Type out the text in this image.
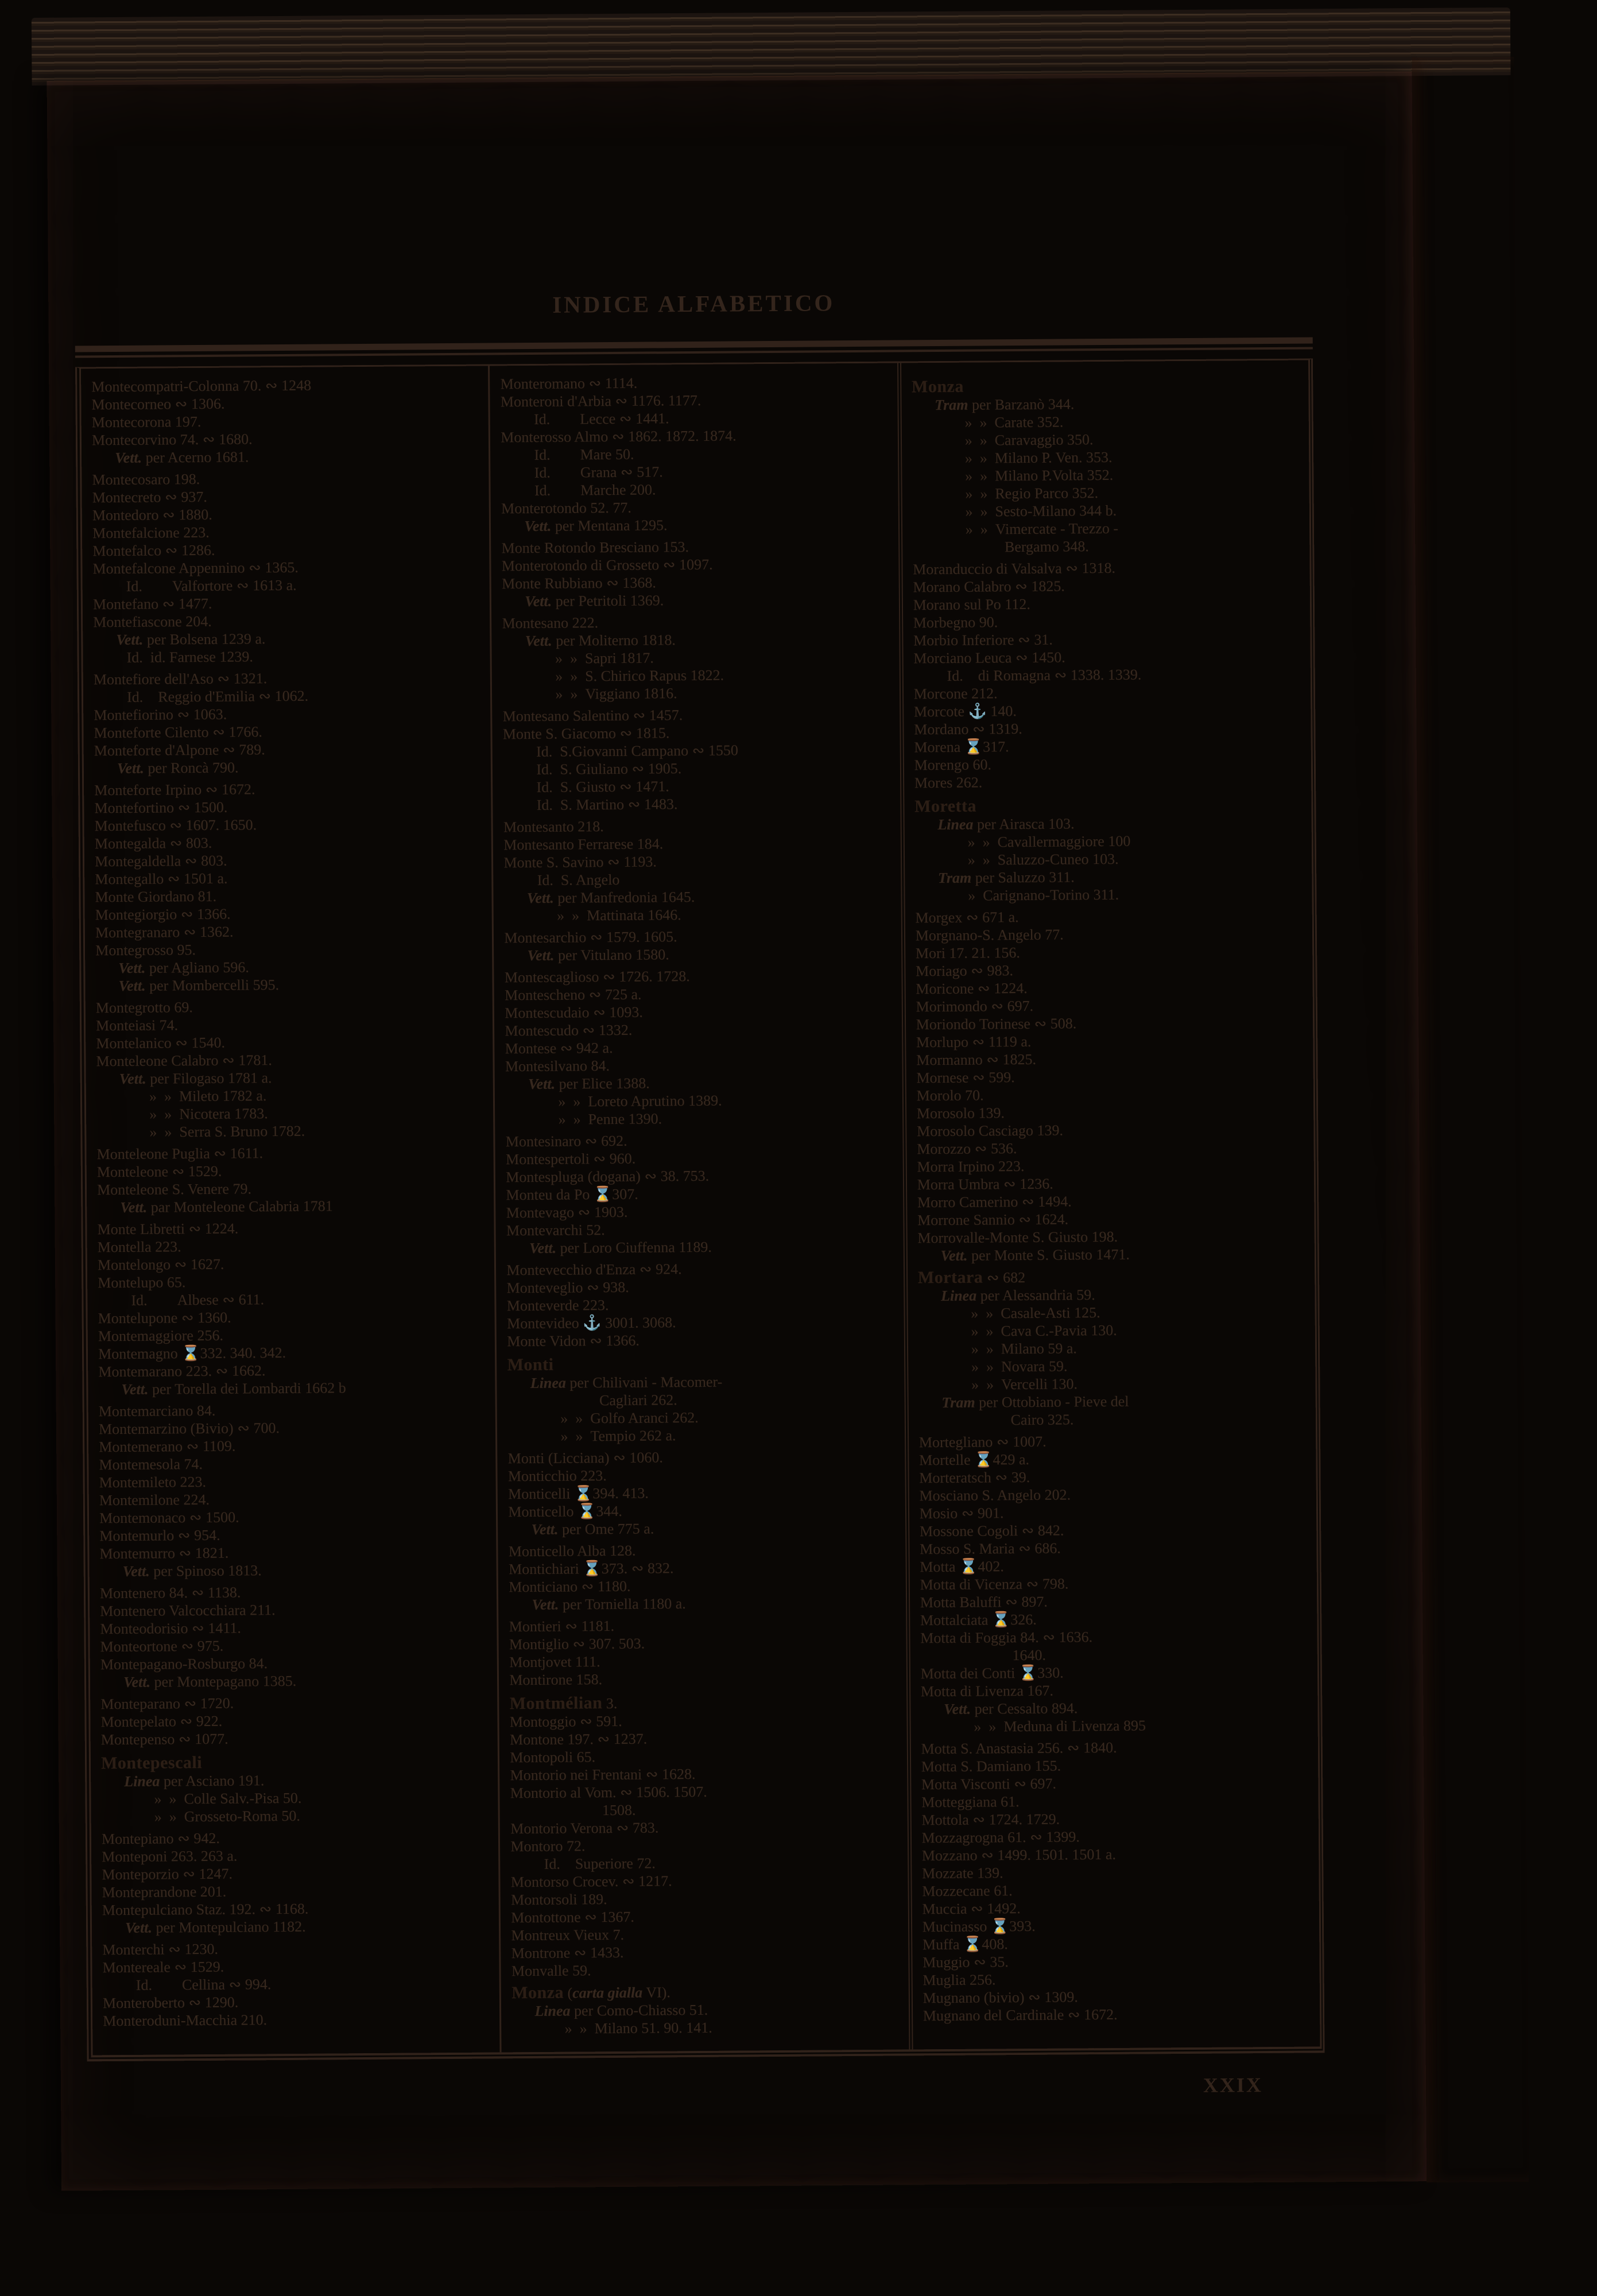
INDICE ALFABETICO
Montecompatri-Colonna 70. ∾ 1248
Montecorneo ∾ 1306.
Montecorona 197.
Montecorvino 74. ∾ 1680.
Vett. per Acerno 1681.
Montecosaro 198.
Montecreto ∾ 937.
Montedoro ∾ 1880.
Montefalcione 223.
Montefalco ∾ 1286.
Montefalcone Appennino ∾ 1365.
Id.  Valfortore ∾ 1613 a.
Montefano ∾ 1477.
Montefiascone 204.
Vett. per Bolsena 1239 a.
Id. id. Farnese 1239.
Montefiore dell'Aso ∾ 1321.
Id. Reggio d'Emilia ∾ 1062.
Montefiorino ∾ 1063.
Monteforte Cilento ∾ 1766.
Monteforte d'Alpone ∾ 789.
Vett. per Roncà 790.
Monteforte Irpino ∾ 1672.
Montefortino ∾ 1500.
Montefusco ∾ 1607. 1650.
Montegalda ∾ 803.
Montegaldella ∾ 803.
Montegallo ∾ 1501 a.
Monte Giordano 81.
Montegiorgio ∾ 1366.
Montegranaro ∾ 1362.
Montegrosso 95.
Vett. per Agliano 596.
Vett. per Mombercelli 595.
Montegrotto 69.
Monteiasi 74.
Montelanico ∾ 1540.
Monteleone Calabro ∾ 1781.
Vett. per Filogaso 1781 a.
» » Mileto 1782 a.
» » Nicotera 1783.
» » Serra S. Bruno 1782.
Monteleone Puglia ∾ 1611.
Monteleone ∾ 1529.
Monteleone S. Venere 79.
Vett. par Monteleone Calabria 1781
Monte Libretti ∾ 1224.
Montella 223.
Montelongo ∾ 1627.
Montelupo 65.
Id.  Albese ∾ 611.
Montelupone ∾ 1360.
Montemaggiore 256.
Montemagno ⌛332. 340. 342.
Montemarano 223. ∾ 1662.
Vett. per Torella dei Lombardi 1662 b
Montemarciano 84.
Montemarzino (Bivio) ∾ 700.
Montemerano ∾ 1109.
Montemesola 74.
Montemileto 223.
Montemilone 224.
Montemonaco ∾ 1500.
Montemurlo ∾ 954.
Montemurro ∾ 1821.
Vett. per Spinoso 1813.
Montenero 84. ∾ 1138.
Montenero Valcocchiara 211.
Monteodorisio ∾ 1411.
Monteortone ∾ 975.
Montepagano-Rosburgo 84.
Vett. per Montepagano 1385.
Monteparano ∾ 1720.
Montepelato ∾ 922.
Montepenso ∾ 1077.
Montepescali
Linea per Asciano 191.
» » Colle Salv.-Pisa 50.
» » Grosseto-Roma 50.
Montepiano ∾ 942.
Monteponi 263. 263 a.
Monteporzio ∾ 1247.
Monteprandone 201.
Montepulciano Staz. 192. ∾ 1168.
Vett. per Montepulciano 1182.
Monterchi ∾ 1230.
Montereale ∾ 1529.
Id.  Cellina ∾ 994.
Monteroberto ∾ 1290.
Monteroduni-Macchia 210.
Monteromano ∾ 1114.
Monteroni d'Arbia ∾ 1176. 1177.
Id.  Lecce ∾ 1441.
Monterosso Almo ∾ 1862. 1872. 1874.
Id.  Mare 50.
Id.  Grana ∾ 517.
Id.  Marche 200.
Monterotondo 52. 77.
Vett. per Mentana 1295.
Monte Rotondo Bresciano 153.
Monterotondo di Grosseto ∾ 1097.
Monte Rubbiano ∾ 1368.
Vett. per Petritoli 1369.
Montesano 222.
Vett. per Moliterno 1818.
» » Sapri 1817.
» » S. Chirico Rapus 1822.
» » Viggiano 1816.
Montesano Salentino ∾ 1457.
Monte S. Giacomo ∾ 1815.
Id. S.Giovanni Campano ∾ 1550
Id. S. Giuliano ∾ 1905.
Id. S. Giusto ∾ 1471.
Id. S. Martino ∾ 1483.
Montesanto 218.
Montesanto Ferrarese 184.
Monte S. Savino ∾ 1193.
Id. S. Angelo
Vett. per Manfredonia 1645.
» » Mattinata 1646.
Montesarchio ∾ 1579. 1605.
Vett. per Vitulano 1580.
Montescaglioso ∾ 1726. 1728.
Montescheno ∾ 725 a.
Montescudaio ∾ 1093.
Montescudo ∾ 1332.
Montese ∾ 942 a.
Montesilvano 84.
Vett. per Elice 1388.
» » Loreto Aprutino 1389.
» » Penne 1390.
Montesinaro ∾ 692.
Montespertoli ∾ 960.
Montespluga (dogana) ∾ 38. 753.
Monteu da Po ⌛307.
Montevago ∾ 1903.
Montevarchi 52.
Vett. per Loro Ciuffenna 1189.
Montevecchio d'Enza ∾ 924.
Monteveglio ∾ 938.
Monteverde 223.
Montevideo ⚓ 3001. 3068.
Monte Vidon ∾ 1366.
Monti
Linea per Chilivani - Macomer-
Cagliari 262.
» » Golfo Aranci 262.
» » Tempio 262 a.
Monti (Licciana) ∾ 1060.
Monticchio 223.
Monticelli ⌛394. 413.
Monticello ⌛344.
Vett. per Ome 775 a.
Monticello Alba 128.
Montichiari ⌛373. ∾ 832.
Monticiano ∾ 1180.
Vett. per Torniella 1180 a.
Montieri ∾ 1181.
Montiglio ∾ 307. 503.
Montjovet 111.
Montirone 158.
Montmélian 3.
Montoggio ∾ 591.
Montone 197. ∾ 1237.
Montopoli 65.
Montorio nei Frentani ∾ 1628.
Montorio al Vom. ∾ 1506. 1507.
1508.
Montorio Verona ∾ 783.
Montoro 72.
Id. Superiore 72.
Montorso Crocev. ∾ 1217.
Montorsoli 189.
Montottone ∾ 1367.
Montreux Vieux 7.
Montrone ∾ 1433.
Monvalle 59.
Monza (carta gialla VI).
Linea per Como-Chiasso 51.
» » Milano 51. 90. 141.
Monza
Tram per Barzanò 344.
» » Carate 352.
» » Caravaggio 350.
» » Milano P. Ven. 353.
» » Milano P.Volta 352.
» » Regio Parco 352.
» » Sesto-Milano 344 b.
» » Vimercate - Trezzo -
Bergamo 348.
Moranduccio di Valsalva ∾ 1318.
Morano Calabro ∾ 1825.
Morano sul Po 112.
Morbegno 90.
Morbio Inferiore ∾ 31.
Morciano Leuca ∾ 1450.
Id. di Romagna ∾ 1338. 1339.
Morcone 212.
Morcote ⚓ 140.
Mordano ∾ 1319.
Morena ⌛317.
Morengo 60.
Mores 262.
Moretta
Linea per Airasca 103.
» » Cavallermaggiore 100
» » Saluzzo-Cuneo 103.
Tram per Saluzzo 311.
» Carignano-Torino 311.
Morgex ∾ 671 a.
Morgnano-S. Angelo 77.
Mori 17. 21. 156.
Moriago ∾ 983.
Moricone ∾ 1224.
Morimondo ∾ 697.
Moriondo Torinese ∾ 508.
Morlupo ∾ 1119 a.
Mormanno ∾ 1825.
Mornese ∾ 599.
Morolo 70.
Morosolo 139.
Morosolo Casciago 139.
Morozzo ∾ 536.
Morra Irpino 223.
Morra Umbra ∾ 1236.
Morro Camerino ∾ 1494.
Morrone Sannio ∾ 1624.
Morrovalle-Monte S. Giusto 198.
Vett. per Monte S. Giusto 1471.
Mortara ∾ 682
Linea per Alessandria 59.
» » Casale-Asti 125.
» » Cava C.-Pavia 130.
» » Milano 59 a.
» » Novara 59.
» » Vercelli 130.
Tram per Ottobiano - Pieve del
Cairo 325.
Mortegliano ∾ 1007.
Mortelle ⌛429 a.
Morteratsch ∾ 39.
Mosciano S. Angelo 202.
Mosio ∾ 901.
Mossone Cogoli ∾ 842.
Mosso S. Maria ∾ 686.
Motta ⌛402.
Motta di Vicenza ∾ 798.
Motta Baluffi ∾ 897.
Mottalciata ⌛326.
Motta di Foggia 84. ∾ 1636.
1640.
Motta dei Conti ⌛330.
Motta di Livenza 167.
Vett. per Cessalto 894.
» » Meduna di Livenza 895
Motta S. Anastasia 256. ∾ 1840.
Motta S. Damiano 155.
Motta Visconti ∾ 697.
Motteggiana 61.
Mottola ∾ 1724. 1729.
Mozzagrogna 61. ∾ 1399.
Mozzano ∾ 1499. 1501. 1501 a.
Mozzate 139.
Mozzecane 61.
Muccia ∾ 1492.
Mucinasso ⌛393.
Muffa ⌛408.
Muggio ∾ 35.
Muglia 256.
Mugnano (bivio) ∾ 1309.
Mugnano del Cardinale ∾ 1672.
XXIX
